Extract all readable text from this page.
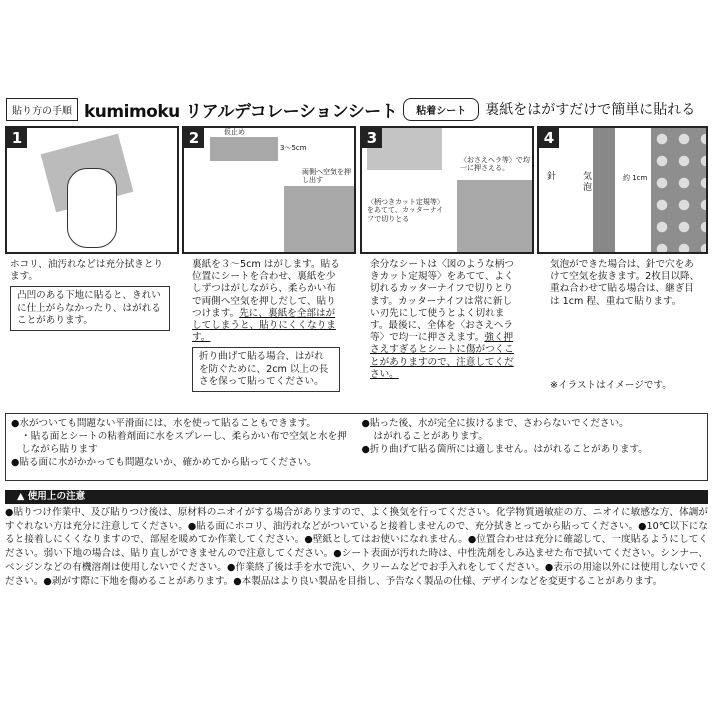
貼り方の手順 kumimoku リアルデコレーションシート	粘着シート	裏紙をはがすだけで簡単に貼れる
1	2	仮止め
3～5cm
両側へ空気を押し出す
3
〈おさえヘラ等〉で均一に押さえる。
〈柄つきカット定規等〉をあてて、カッターナイフで切りとる
4
針	気泡
約 1cm
ホコリ、油汚れなどは充分拭きとります。
凸凹のある下地に貼ると、きれいに仕上がらなかったり、はがれることがあります。
裏紙を３～5cm はがします。貼る位置にシートを合わせ、裏紙を少しずつはがしながら、柔らかい布で両側へ空気を押しだして、貼りつけます。先に、裏紙を全部はがしてしまうと、貼りにくくなります。
折り曲げて貼る場合、はがれを防ぐために、2cm 以上の長さを保って貼ってください。
余分なシートは〈図のような柄つきカット定規等〉をあてて、よく切れるカッターナイフで切りとります。カッターナイフは常に新しい刃先にして使うとよく切れます。最後に、全体を〈おさえヘラ等〉で均一に押さえます。強く押さえすぎるとシートに傷がつくことがありますので、注意してください。
気泡ができた場合は、針で穴をあけて空気を抜きます。2枚目以降、重ね合わせて貼る場合は、継ぎ目は 1cm 程、重ねて貼ります。
※イラストはイメージです。
●水がついても問題ない平滑面には、水を使って貼ることもできます。
・貼る面とシートの粘着剤面に水をスプレーし、柔らかい布で空気と水を押しながら貼ります
●貼る面に水がかかっても問題ないか、確かめてから貼ってください。
●貼った後、水が完全に抜けるまで、さわらないでください。
はがれることがあります。
●折り曲げて貼る箇所には適しません。はがれることがあります。
▲ 使用上の注意
●貼りつけ作業中、及び貼りつけ後は、原材料のニオイがする場合がありますので、よく換気を行ってください。化学物質過敏症の方、ニオイに敏感な方、体調がすぐれない方は充分に注意してください。●貼る面にホコリ、油汚れなどがついていると接着しませんので、充分拭きとってから貼ってください。●10℃以下になると接着しにくくなりますので、部屋を暖めてか作業してください。●壁紙としてはお使いになれません。●位置合わせは充分に確認して、一度貼るようにしてください。弱い下地の場合は、貼り直しができませんので注意してください。●シート表面が汚れた時は、中性洗剤をしみ込ませた布で拭いてください。シンナー、ベンジンなどの有機溶剤は使用しないでください。●作業終了後は手を水で洗い、クリームなどでお手入れをしてください。●表示の用途以外には使用しないでください。●剥がす際に下地を傷めることがあります。●本製品はより良い製品を目指し、予告なく製品の仕様、デザインなどを変更することがあります。
